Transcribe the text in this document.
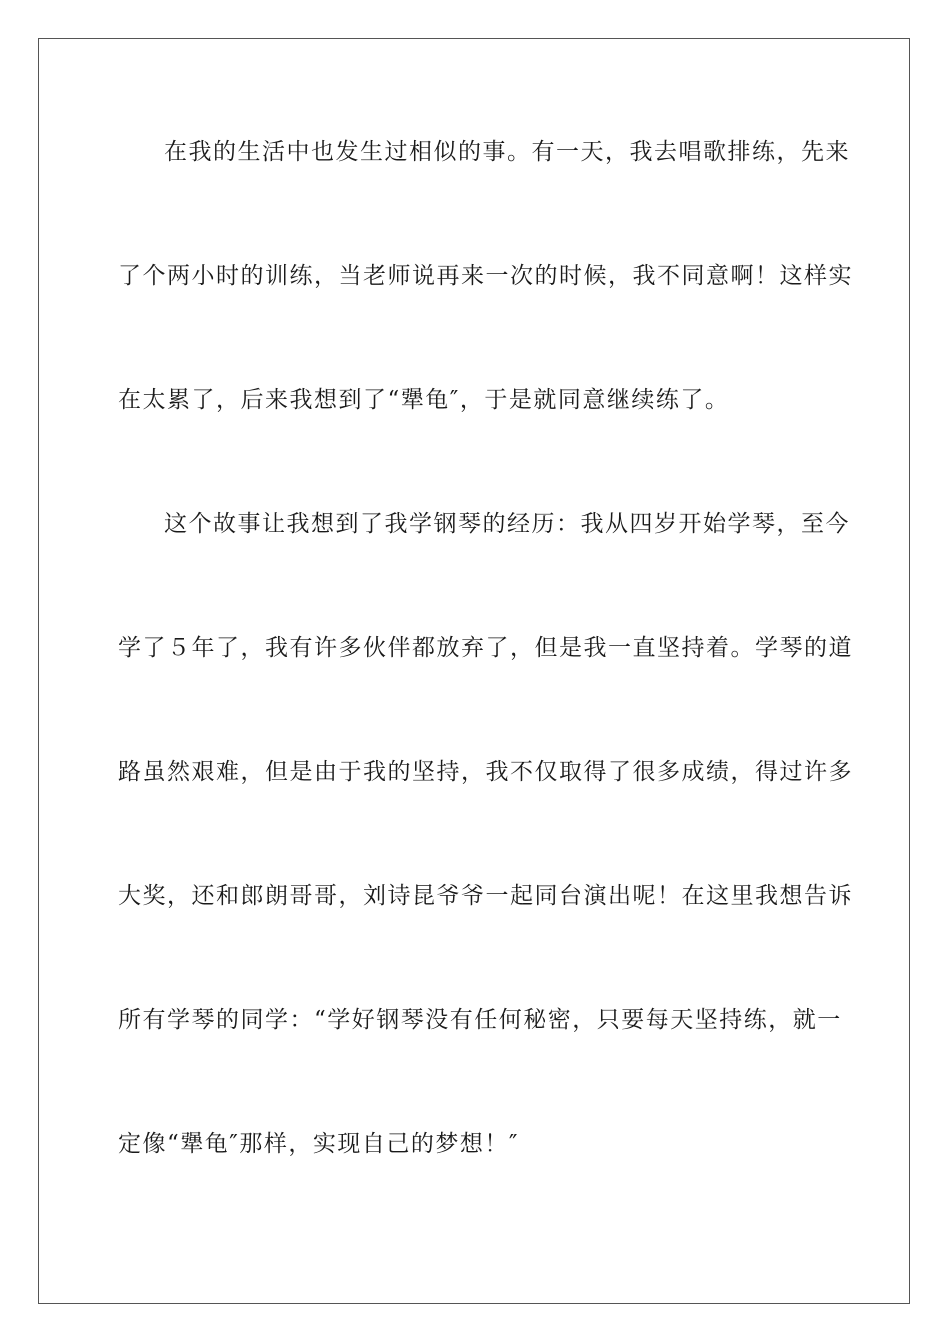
在我的生活中也发生过相似的事。有一天，我去唱歌排练，先来
了个两小时的训练，当老师说再来一次的时候，我不同意啊！这样实
在太累了，后来我想到了“犟龟″，于是就同意继续练了。
这个故事让我想到了我学钢琴的经历：我从四岁开始学琴，至今
学了５年了，我有许多伙伴都放弃了，但是我一直坚持着。学琴的道
路虽然艰难，但是由于我的坚持，我不仅取得了很多成绩，得过许多
大奖，还和郎朗哥哥，刘诗昆爷爷一起同台演出呢！在这里我想告诉
所有学琴的同学：“学好钢琴没有任何秘密，只要每天坚持练，就一
定像“犟龟″那样，实现自己的梦想！″
